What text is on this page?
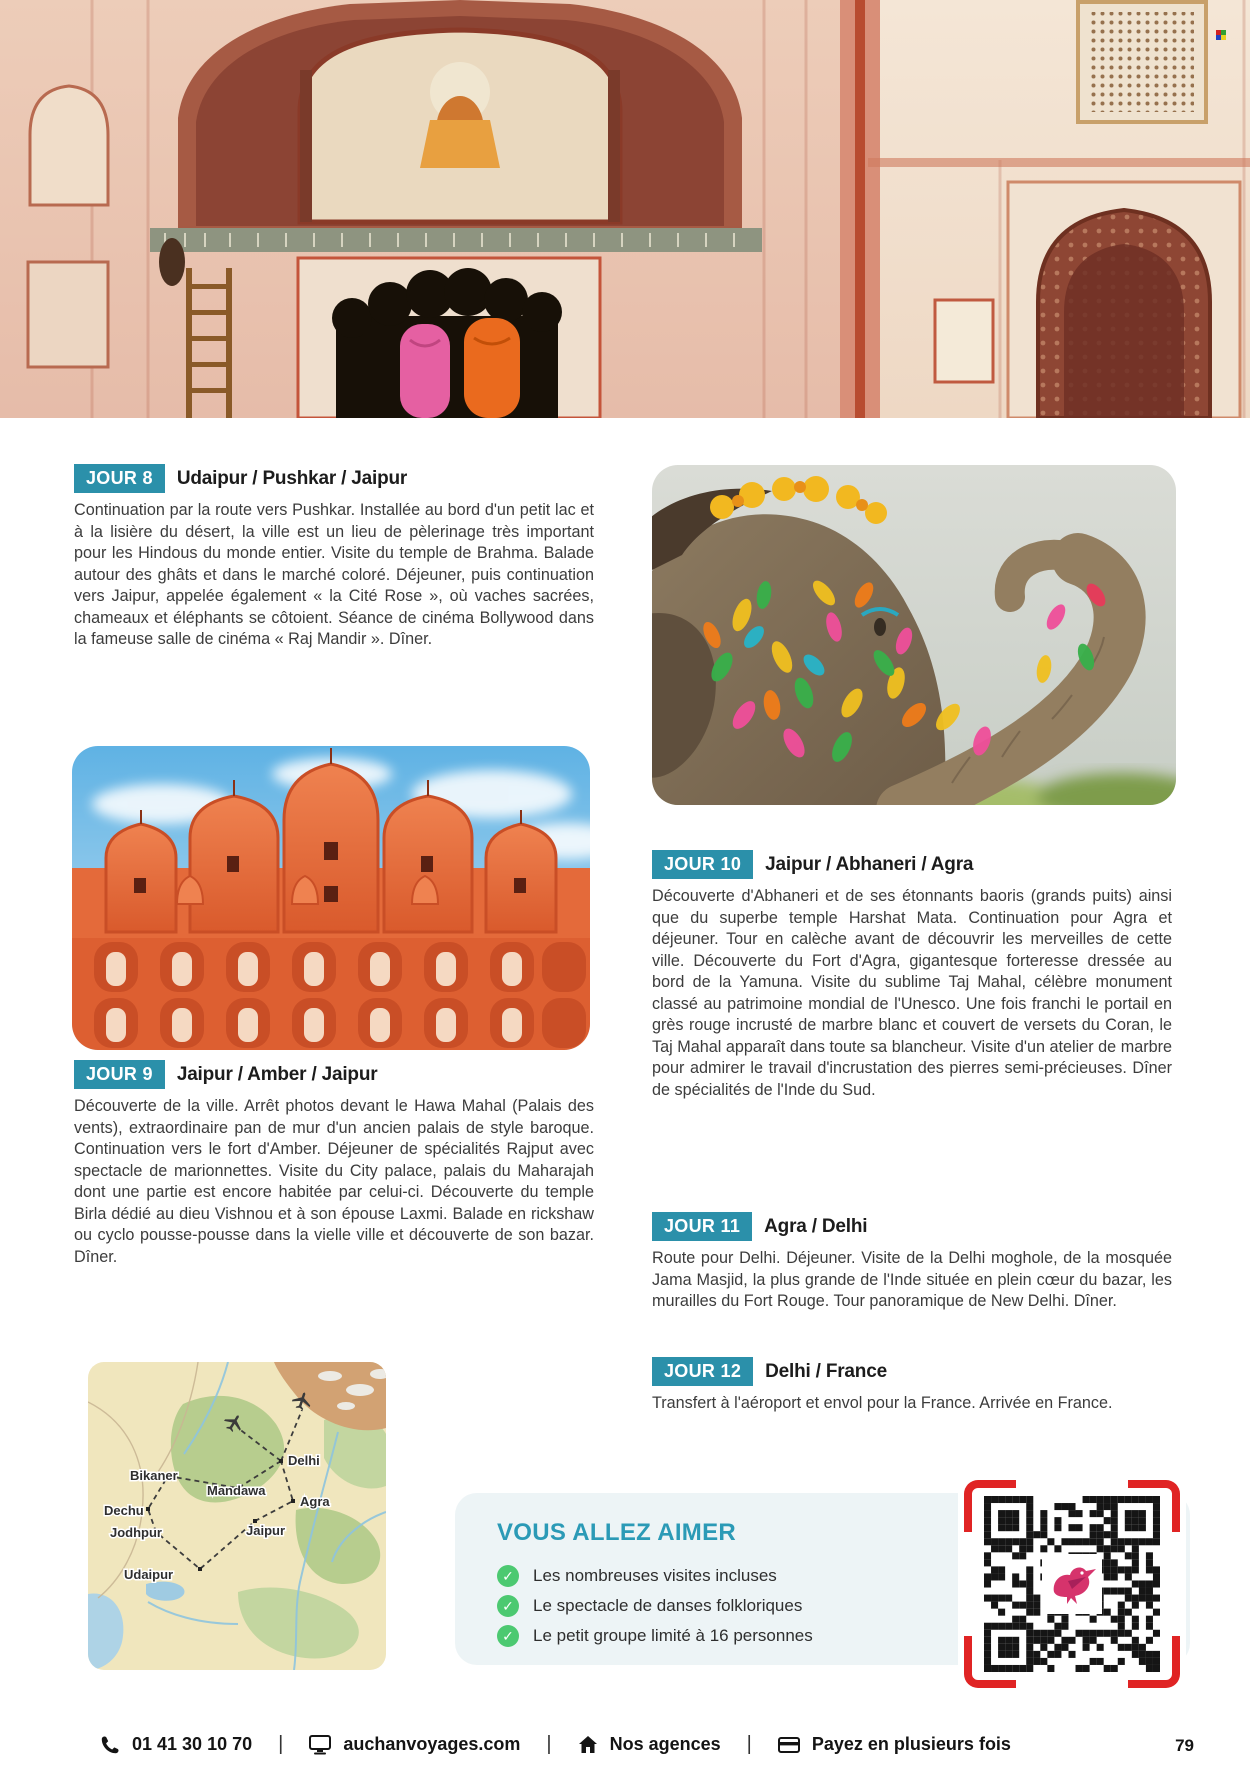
JOUR 8	Udaipur / Pushkar / Jaipur

Continuation par la route vers Pushkar. Installée au bord d'un petit lac et à la lisière du désert, la ville est un lieu de pèlerinage très important pour les Hindous du monde entier. Visite du temple de Brahma. Balade autour des ghâts et dans le marché coloré. Déjeuner, puis continuation vers Jaipur, appelée également « la Cité Rose », où vaches sacrées, chameaux et éléphants se côtoient. Séance de cinéma Bollywood dans la fameuse salle de cinéma « Raj Mandir ». Dîner.

JOUR 9	Jaipur / Amber / Jaipur

Découverte de la ville. Arrêt photos devant le Hawa Mahal (Palais des vents), extraordinaire pan de mur d'un ancien palais de style baroque. Continuation vers le fort d'Amber. Déjeuner de spécialités Rajput avec spectacle de marionnettes. Visite du City palace, palais du Maharajah dont une partie est encore habitée par celui-ci. Découverte du temple Birla dédié au dieu Vishnou et à son épouse Laxmi. Balade en rickshaw ou cyclo pousse-pousse dans la vielle ville et découverte de son bazar. Dîner.

Delhi
Bikaner
Mandawa
Agra
Dechu
Jodhpur	Jaipur
Udaipur
JOUR 10	Jaipur / Abhaneri / Agra

Découverte d'Abhaneri et de ses étonnants baoris (grands puits) ainsi que du superbe temple Harshat Mata. Continuation pour Agra et déjeuner. Tour en calèche avant de découvrir les merveilles de cette ville. Découverte du Fort d'Agra, gigantesque forteresse dressée au bord de la Yamuna. Visite du sublime Taj Mahal, célèbre monument classé au patrimoine mondial de l'Unesco. Une fois franchi le portail en grès rouge incrusté de marbre blanc et couvert de versets du Coran, le Taj Mahal apparaît dans toute sa blancheur. Visite d'un atelier de marbre pour admirer le travail d'incrustation des pierres semi-précieuses. Dîner de spécialités de l'Inde du Sud.

JOUR 11	Agra / Delhi

Route pour Delhi. Déjeuner. Visite de la Delhi moghole, de la mosquée Jama Masjid, la plus grande de l'Inde située en plein cœur du bazar, les murailles du Fort Rouge. Tour panoramique de New Delhi. Dîner.

JOUR 12	Delhi / France

Transfert à l'aéroport et envol pour la France. Arrivée en France.

VOUS ALLEZ AIMER
✓	Les nombreuses visites incluses
✓	Le spectacle de danses folkloriques
✓	Le petit groupe limité à 16 personnes
01 41 30 10 70 |	auchanvoyages.com |	Nos agences |	Payez en plusieurs fois	79
